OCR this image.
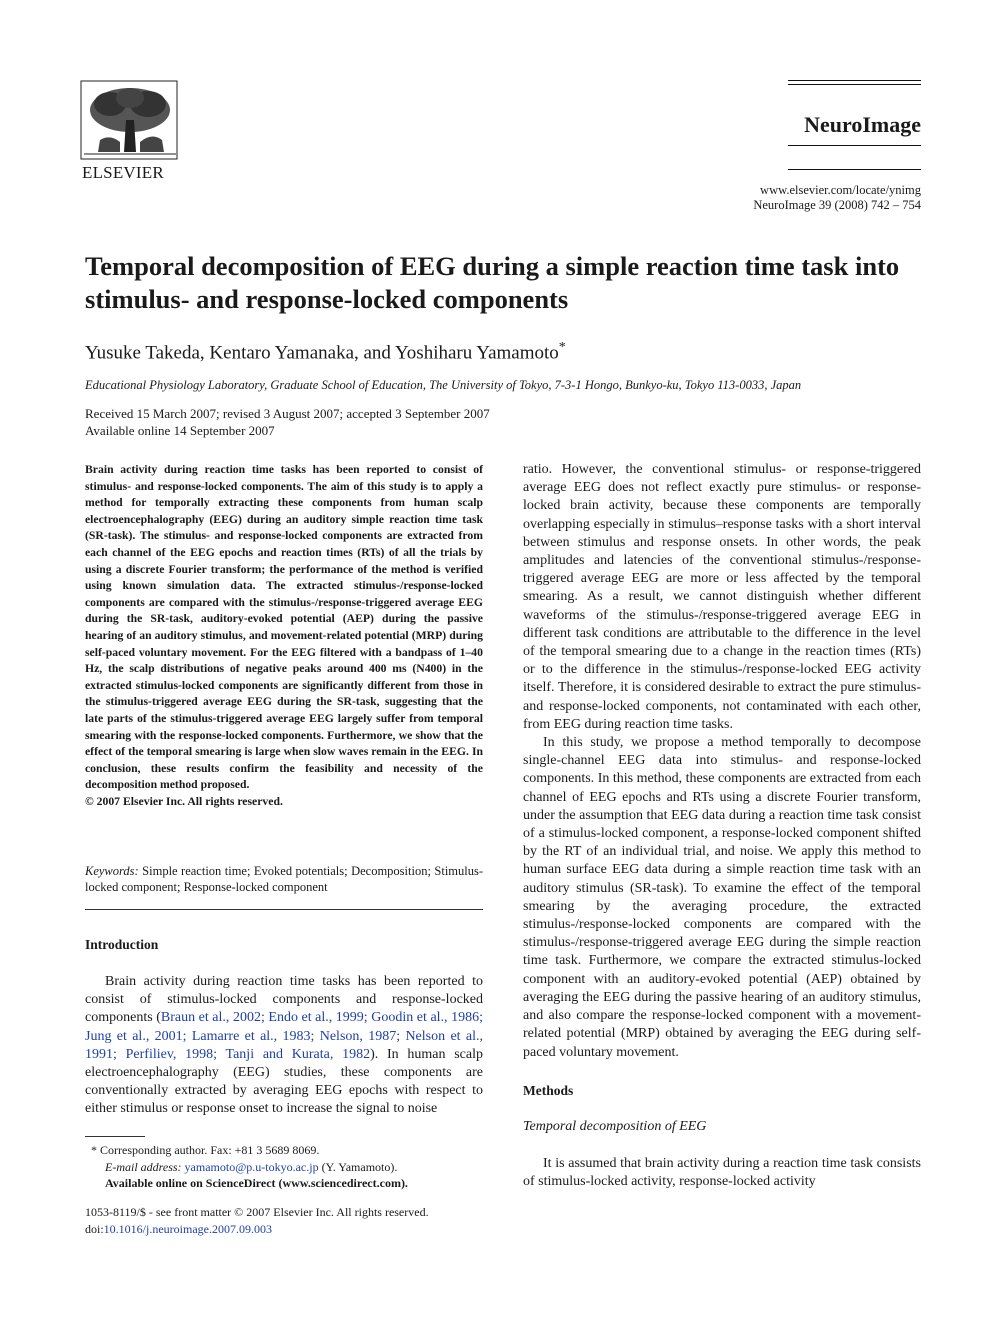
ELSEVIER
NeuroImage
www.elsevier.com/locate/ynimg
NeuroImage 39 (2008) 742 – 754
Temporal decomposition of EEG during a simple reaction time task into stimulus- and response-locked components
Yusuke Takeda, Kentaro Yamanaka, and Yoshiharu Yamamoto*
Educational Physiology Laboratory, Graduate School of Education, The University of Tokyo, 7-3-1 Hongo, Bunkyo-ku, Tokyo 113-0033, Japan
Received 15 March 2007; revised 3 August 2007; accepted 3 September 2007
Available online 14 September 2007
Brain activity during reaction time tasks has been reported to consist of stimulus- and response-locked components. The aim of this study is to apply a method for temporally extracting these components from human scalp electroencephalography (EEG) during an auditory simple reaction time task (SR-task). The stimulus- and response-locked components are extracted from each channel of the EEG epochs and reaction times (RTs) of all the trials by using a discrete Fourier transform; the performance of the method is verified using known simulation data. The extracted stimulus-/response-locked components are compared with the stimulus-/response-triggered average EEG during the SR-task, auditory-evoked potential (AEP) during the passive hearing of an auditory stimulus, and movement-related potential (MRP) during self-paced voluntary movement. For the EEG filtered with a bandpass of 1–40 Hz, the scalp distributions of negative peaks around 400 ms (N400) in the extracted stimulus-locked components are significantly different from those in the stimulus-triggered average EEG during the SR-task, suggesting that the late parts of the stimulus-triggered average EEG largely suffer from temporal smearing with the response-locked components. Furthermore, we show that the effect of the temporal smearing is large when slow waves remain in the EEG. In conclusion, these results confirm the feasibility and necessity of the decomposition method proposed.
© 2007 Elsevier Inc. All rights reserved.
Keywords: Simple reaction time; Evoked potentials; Decomposition; Stimulus-locked component; Response-locked component
Introduction

Brain activity during reaction time tasks has been reported to consist of stimulus-locked components and response-locked components (Braun et al., 2002; Endo et al., 1999; Goodin et al., 1986; Jung et al., 2001; Lamarre et al., 1983; Nelson, 1987; Nelson et al., 1991; Perfiliev, 1998; Tanji and Kurata, 1982). In human scalp electroencephalography (EEG) studies, these components are conventionally extracted by averaging EEG epochs with respect to either stimulus or response onset to increase the signal to noise

* Corresponding author. Fax: +81 3 5689 8069.
E-mail address: yamamoto@p.u-tokyo.ac.jp (Y. Yamamoto).
Available online on ScienceDirect (www.sciencedirect.com).
1053-8119/$ - see front matter © 2007 Elsevier Inc. All rights reserved.
doi:10.1016/j.neuroimage.2007.09.003

ratio. However, the conventional stimulus- or response-triggered average EEG does not reflect exactly pure stimulus- or response-locked brain activity, because these components are temporally overlapping especially in stimulus–response tasks with a short interval between stimulus and response onsets. In other words, the peak amplitudes and latencies of the conventional stimulus-/response-triggered average EEG are more or less affected by the temporal smearing. As a result, we cannot distinguish whether different waveforms of the stimulus-/response-triggered average EEG in different task conditions are attributable to the difference in the level of the temporal smearing due to a change in the reaction times (RTs) or to the difference in the stimulus-/response-locked EEG activity itself. Therefore, it is considered desirable to extract the pure stimulus- and response-locked components, not contaminated with each other, from EEG during reaction time tasks.

In this study, we propose a method temporally to decompose single-channel EEG data into stimulus- and response-locked components. In this method, these components are extracted from each channel of EEG epochs and RTs using a discrete Fourier transform, under the assumption that EEG data during a reaction time task consist of a stimulus-locked component, a response-locked component shifted by the RT of an individual trial, and noise. We apply this method to human surface EEG data during a simple reaction time task with an auditory stimulus (SR-task). To examine the effect of the temporal smearing by the averaging procedure, the extracted stimulus-/response-locked components are compared with the stimulus-/response-triggered average EEG during the simple reaction time task. Furthermore, we compare the extracted stimulus-locked component with an auditory-evoked potential (AEP) obtained by averaging the EEG during the passive hearing of an auditory stimulus, and also compare the response-locked component with a movement-related potential (MRP) obtained by averaging the EEG during self-paced voluntary movement.

Methods
Temporal decomposition of EEG

It is assumed that brain activity during a reaction time task consists of stimulus-locked activity, response-locked activity
